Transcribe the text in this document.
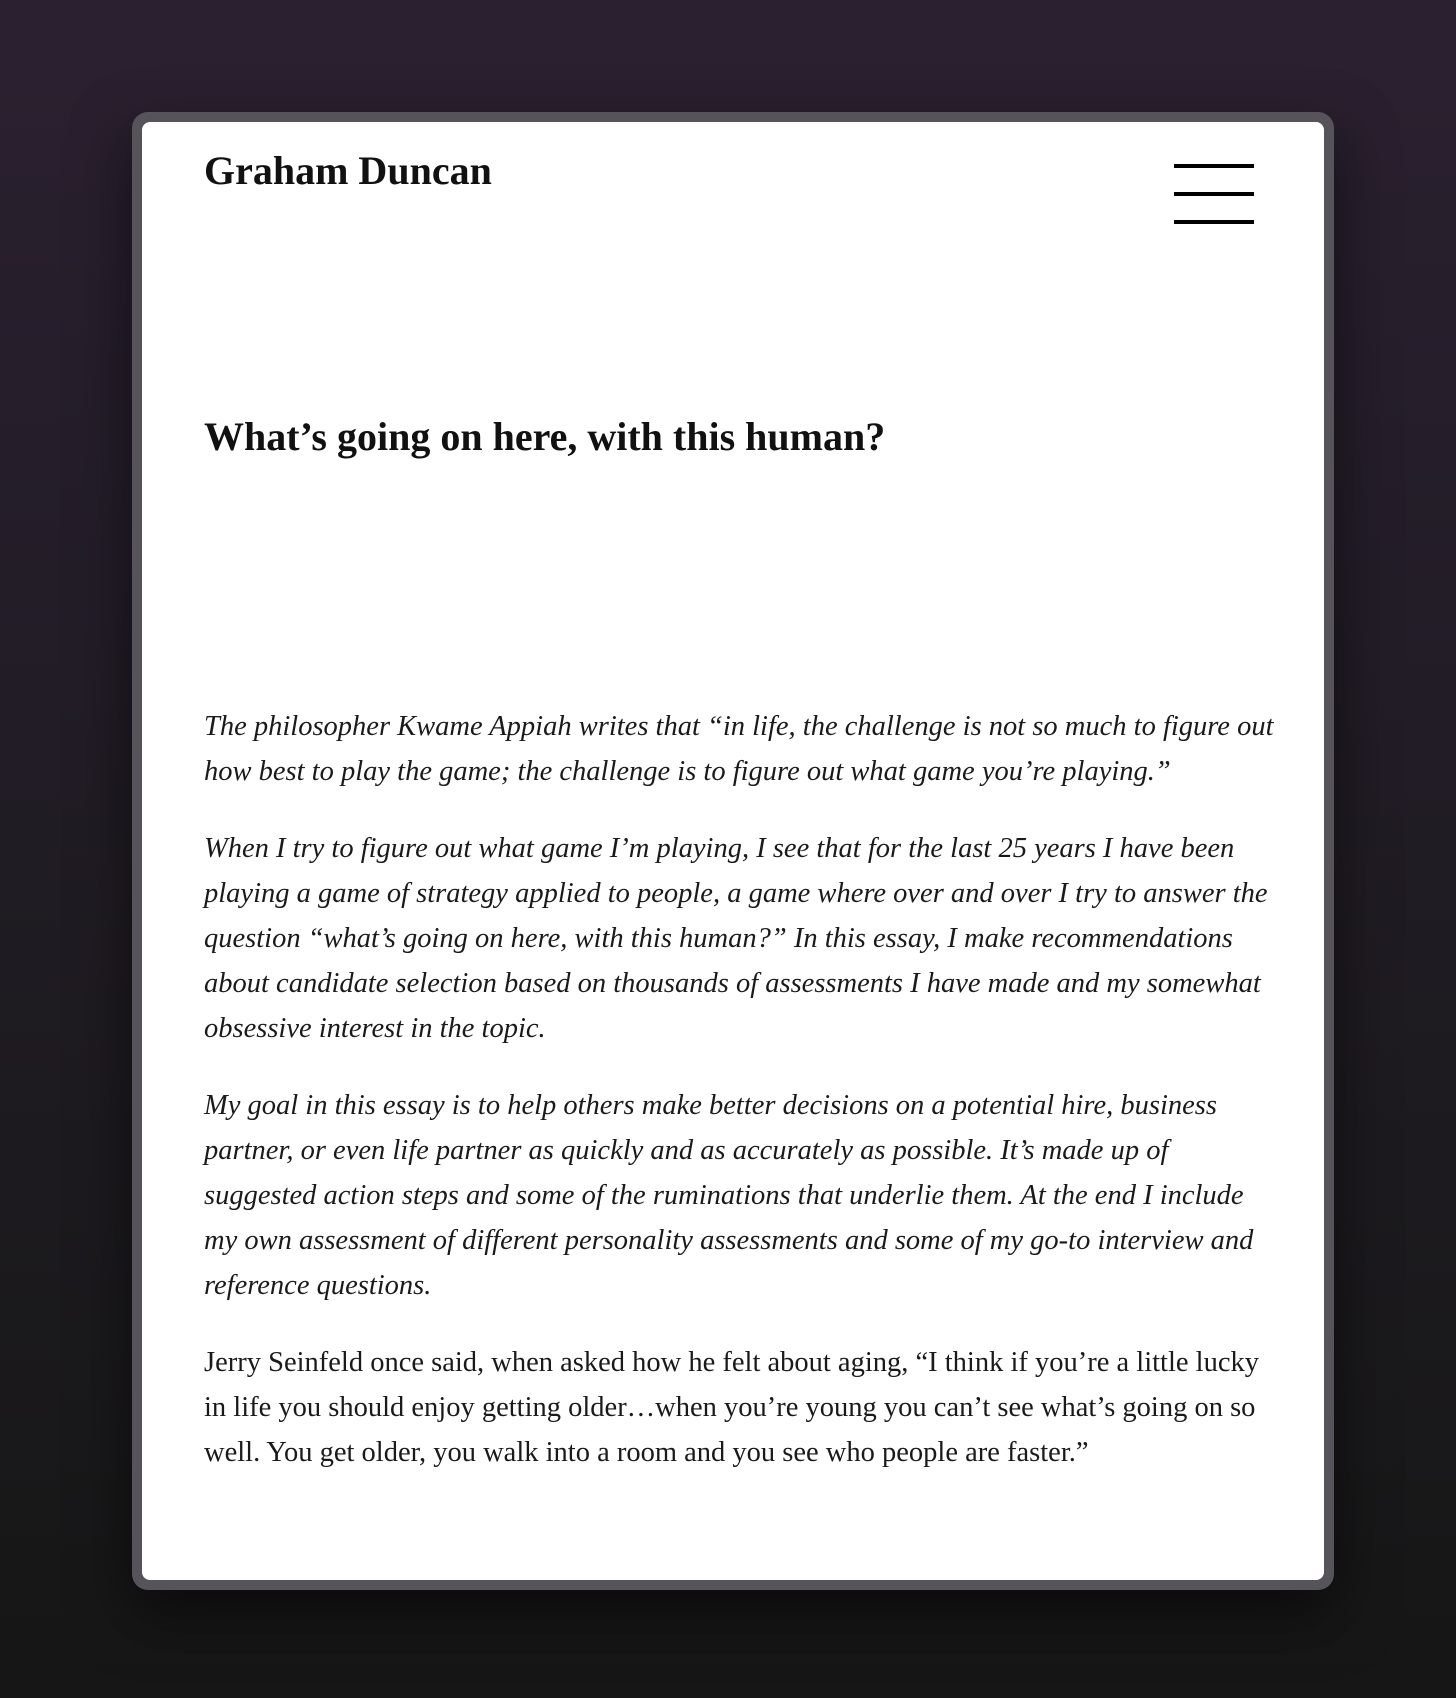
Graham Duncan
What’s going on here, with this human?

The philosopher Kwame Appiah writes that “in life, the challenge is not so much to figure out how best to play the game; the challenge is to figure out what game you’re playing.”

When I try to figure out what game I’m playing, I see that for the last 25 years I have been playing a game of strategy applied to people, a game where over and over I try to answer the question “what’s going on here, with this human?” In this essay, I make recommendations about candidate selection based on thousands of assessments I have made and my somewhat obsessive interest in the topic.

My goal in this essay is to help others make better decisions on a potential hire, business partner, or even life partner as quickly and as accurately as possible. It’s made up of suggested action steps and some of the ruminations that underlie them. At the end I include my own assessment of different personality assessments and some of my go-to interview and reference questions.

Jerry Seinfeld once said, when asked how he felt about aging, “I think if you’re a little lucky in life you should enjoy getting older…when you’re young you can’t see what’s going on so well. You get older, you walk into a room and you see who people are faster.”
